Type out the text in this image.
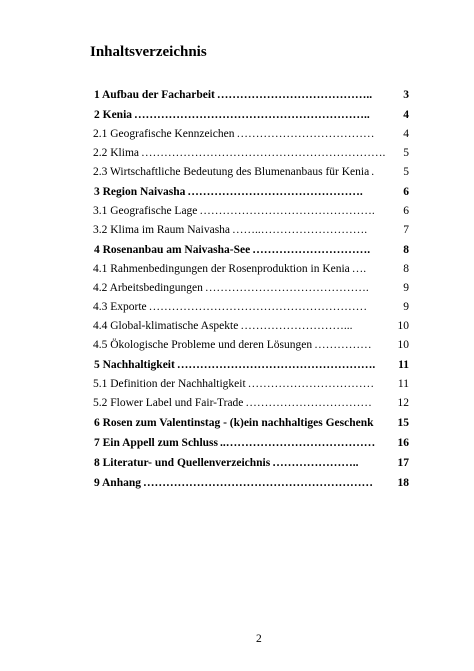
Inhaltsverzeichnis
1 Aufbau der Facharbeit …………………………………..	3
2 Kenia ……………………………………………………..	4
2.1 Geografische Kennzeichen ………………………………	4
2.2 Klima ……………………………………………………….	5
2.3 Wirtschaftliche Bedeutung des Blumenanbaus für Kenia .	5
3 Region Naivasha ……………………………………….	6
3.1 Geografische Lage ……………………………………….	6
3.2 Klima im Raum Naivasha ……..……………………….	7
4 Rosenanbau am Naivasha-See ………………………….	8
4.1 Rahmenbedingungen der Rosenproduktion in Kenia ….	8
4.2 Arbeitsbedingungen …………………………………….	9
4.3 Exporte …………………………………………………	9
4.4 Global-klimatische Aspekte ………………………...	10
4.5 Ökologische Probleme und deren Lösungen ……………	10
5 Nachhaltigkeit …………………………………………….	11
5.1 Definition der Nachhaltigkeit ……………………………	11
5.2 Flower Label und Fair-Trade ……………………………	12
6 Rosen zum Valentinstag - (k)ein nachhaltiges Geschenk	15
7 Ein Appell zum Schluss ..…………………………………	16
8 Literatur- und Quellenverzeichnis …………………..	17
9 Anhang ……………………………………………………	18
2
